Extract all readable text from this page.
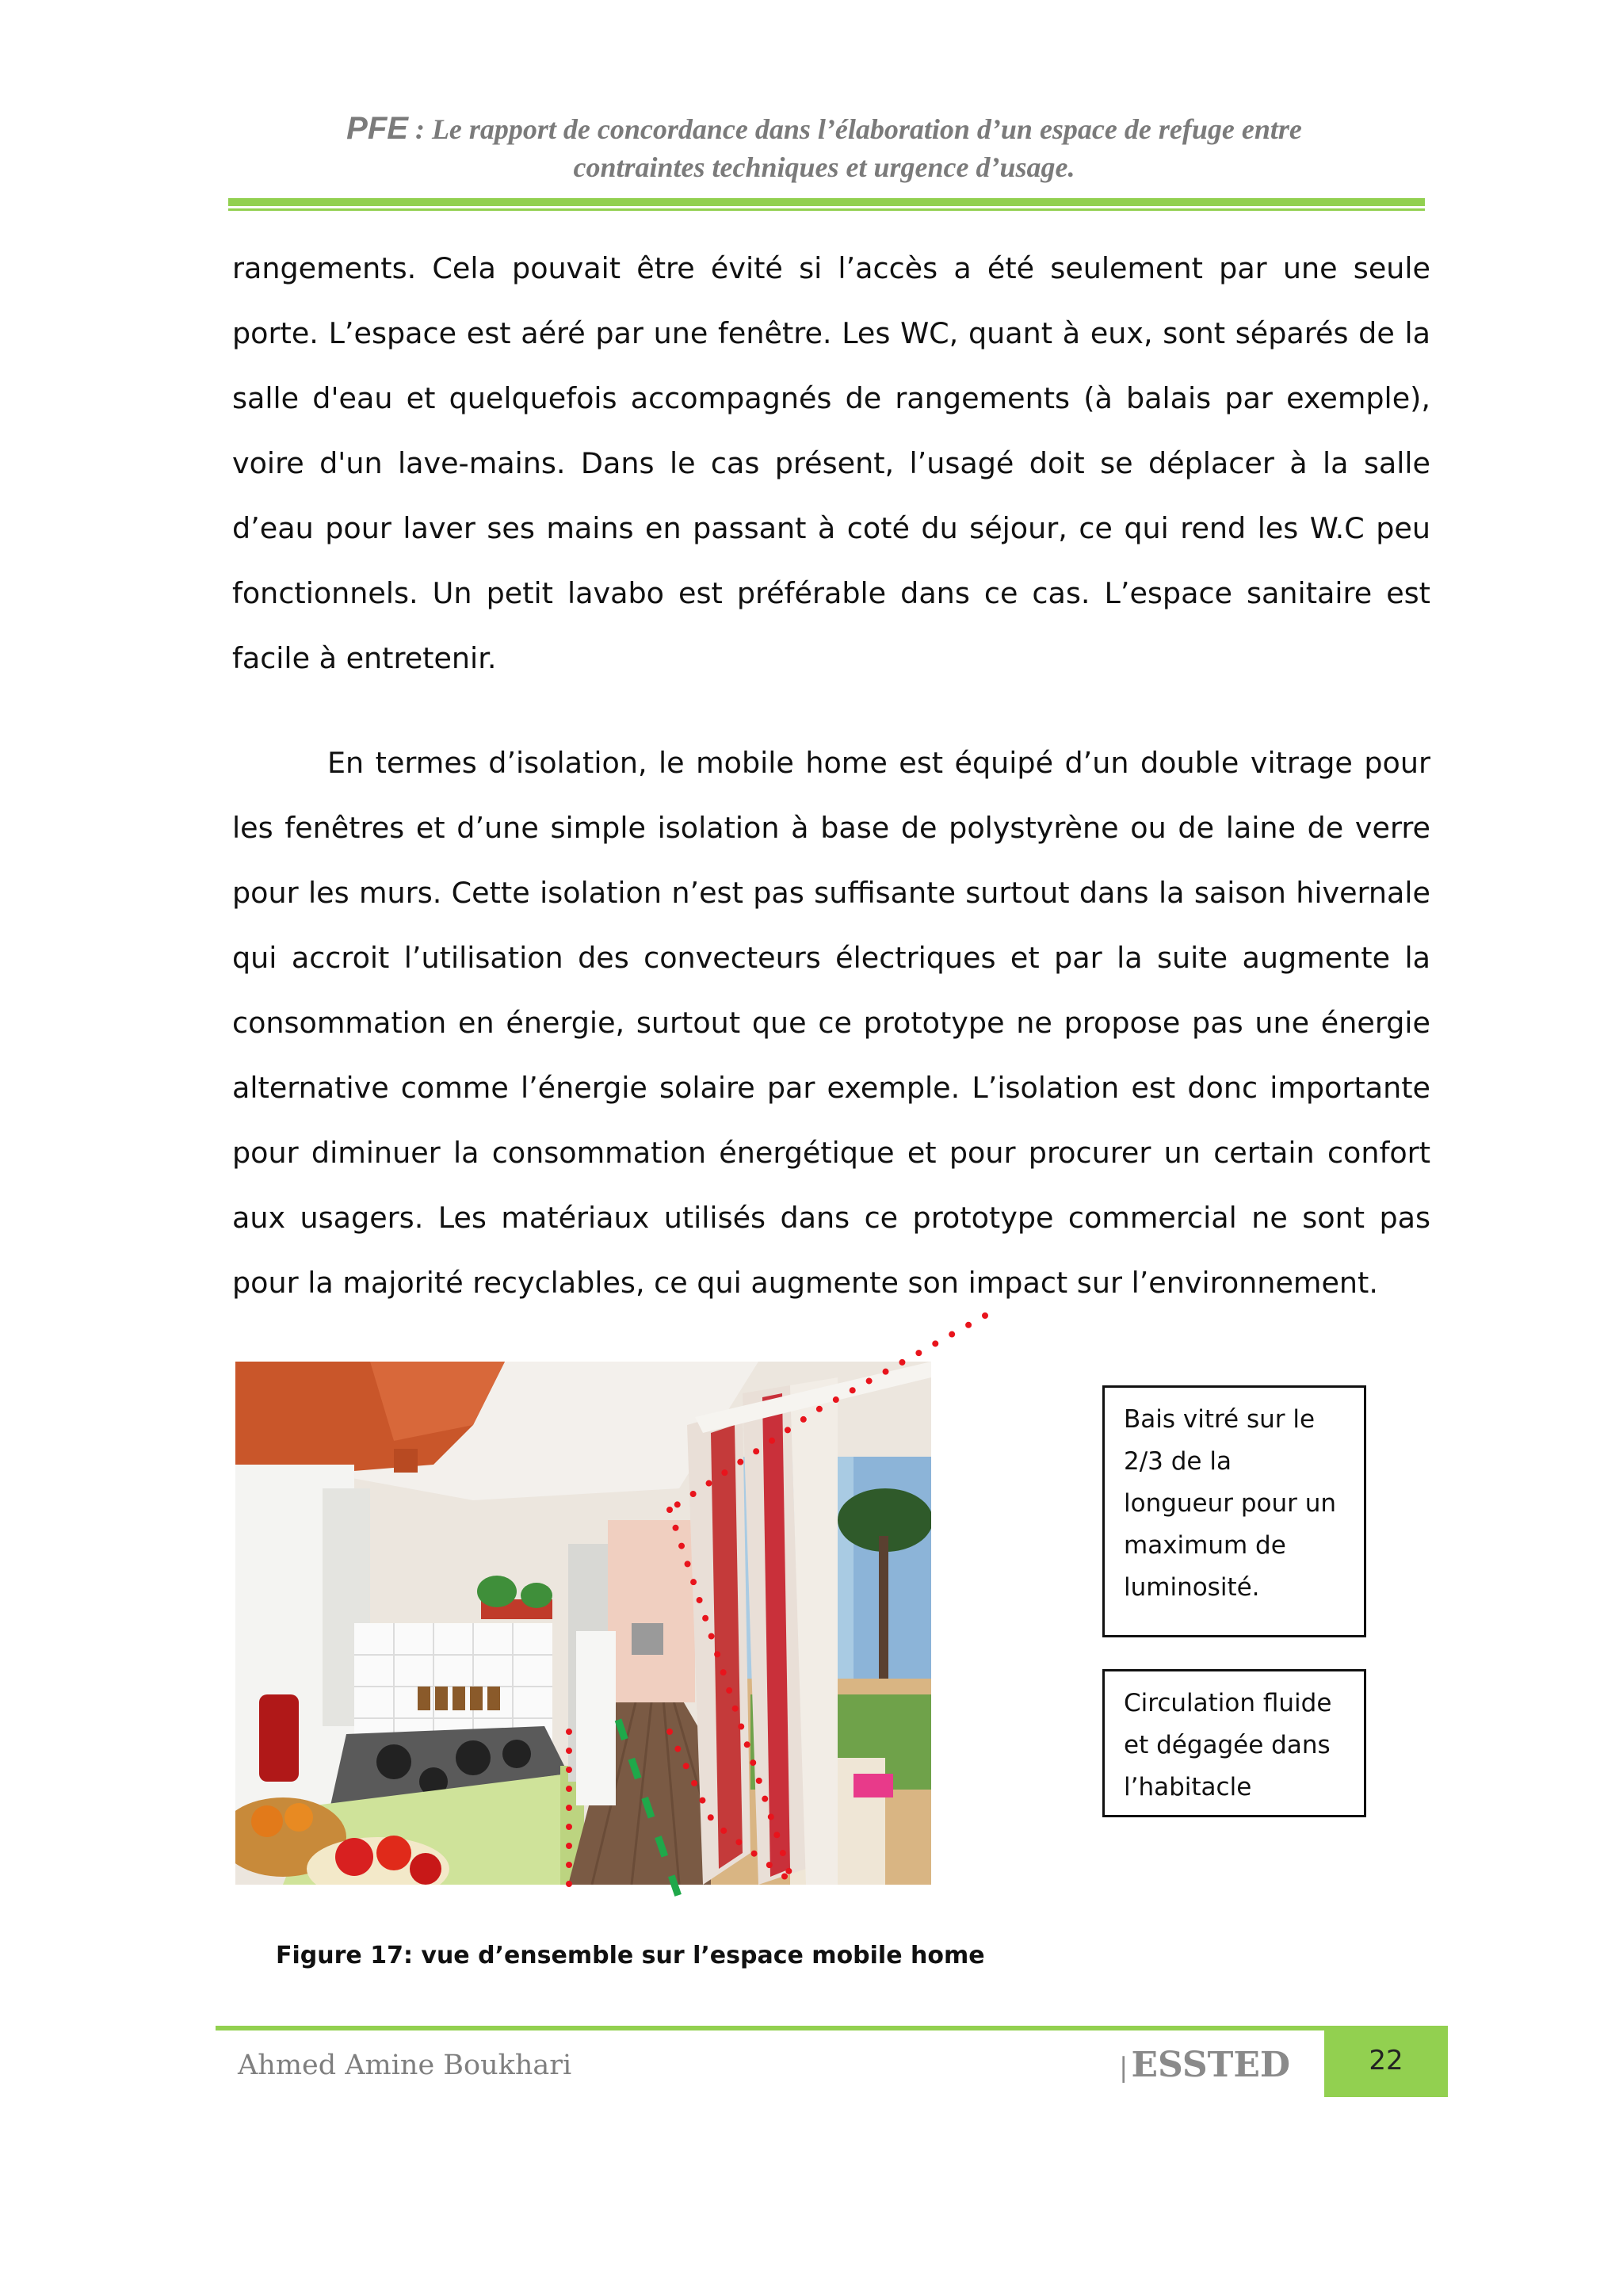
PFE : Le rapport de concordance dans l’élaboration d’un espace de refuge entre
contraintes techniques et urgence d’usage.

rangements. Cela pouvait être évité si l’accès a été seulement par une seule porte. L’espace est aéré par une fenêtre. Les WC, quant à eux, sont séparés de la salle d'eau et quelquefois accompagnés de rangements (à balais par exemple), voire d'un lave-mains. Dans le cas présent, l’usagé doit se déplacer à la salle d’eau pour laver ses mains en passant à coté du séjour, ce qui rend les W.C peu fonctionnels. Un petit lavabo est préférable dans ce cas. L’espace sanitaire est facile à entretenir.

En termes d’isolation, le mobile home est équipé d’un double vitrage pour les fenêtres et d’une simple isolation à base de polystyrène ou de laine de verre pour les murs. Cette isolation n’est pas suffisante surtout dans la saison hivernale qui accroit l’utilisation des convecteurs électriques et par la suite augmente la consommation en énergie, surtout que ce prototype ne propose pas une énergie alternative comme l’énergie solaire par exemple. L’isolation est donc importante pour diminuer la consommation énergétique et pour procurer un certain confort aux usagers. Les matériaux utilisés dans ce prototype commercial ne sont pas pour la majorité recyclables, ce qui augmente son impact sur l’environnement.

Bais vitré sur le 2/3 de la longueur pour un maximum de luminosité.
Circulation fluide et dégagée dans l’habitacle
Figure 17: vue d’ensemble sur l’espace mobile home
Ahmed Amine Boukhari	|ESSTED	22
